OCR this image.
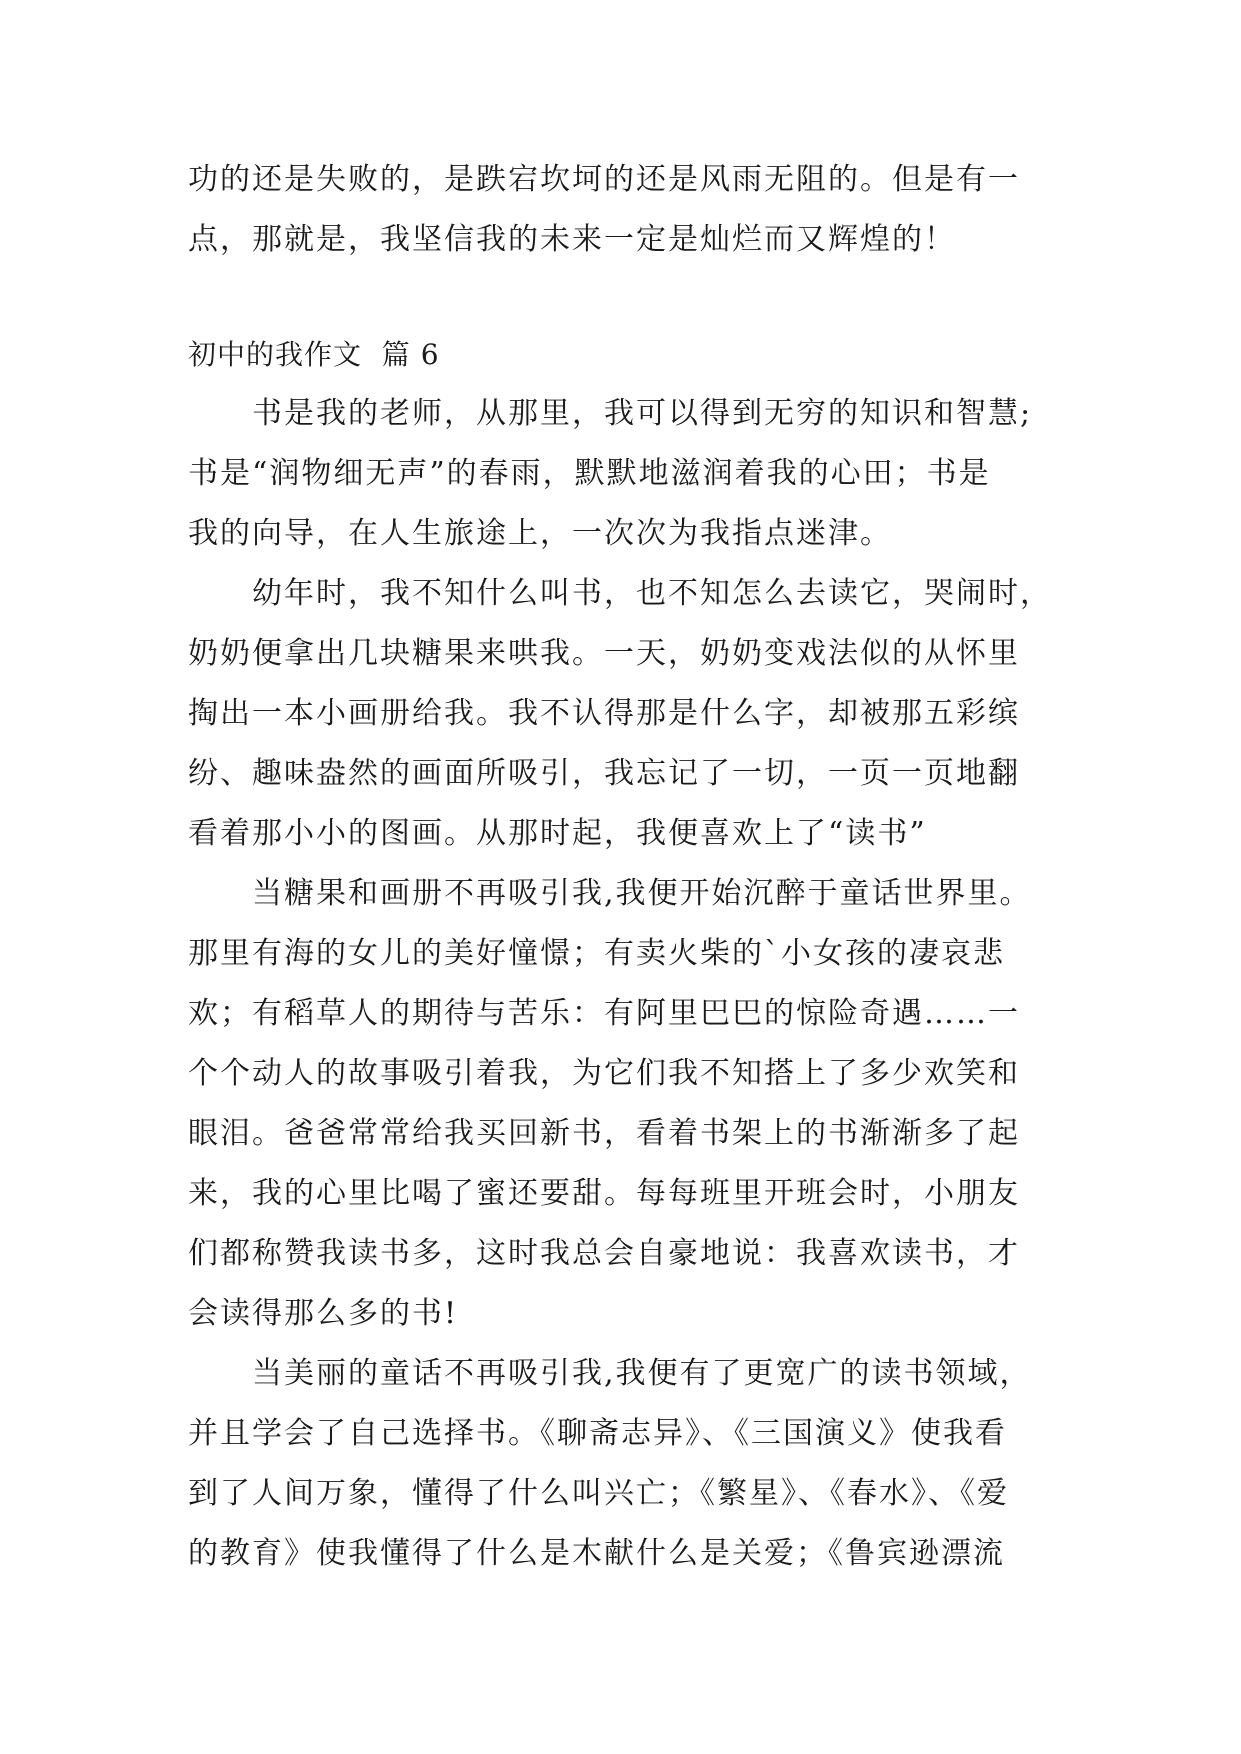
功的还是失败的，是跌宕坎坷的还是风雨无阻的。但是有一
点，那就是，我坚信我的未来一定是灿烂而又辉煌的！
初中的我作文  篇 6
书是我的老师，从那里，我可以得到无穷的知识和智慧;
书是“润物细无声”的春雨，默默地滋润着我的心田；书是
我的向导，在人生旅途上，一次次为我指点迷津。
幼年时，我不知什么叫书，也不知怎么去读它，哭闹时，
奶奶便拿出几块糖果来哄我。一天，奶奶变戏法似的从怀里
掏出一本小画册给我。我不认得那是什么字，却被那五彩缤
纷、趣味盎然的画面所吸引，我忘记了一切，一页一页地翻
看着那小小的图画。从那时起，我便喜欢上了“读书”
当糖果和画册不再吸引我,我便开始沉醉于童话世界里。
那里有海的女儿的美好憧憬；有卖火柴的`小女孩的凄哀悲
欢；有稻草人的期待与苦乐：有阿里巴巴的惊险奇遇……一
个个动人的故事吸引着我，为它们我不知搭上了多少欢笑和
眼泪。爸爸常常给我买回新书，看着书架上的书渐渐多了起
来，我的心里比喝了蜜还要甜。每每班里开班会时，小朋友
们都称赞我读书多，这时我总会自豪地说：我喜欢读书，才
会读得那么多的书!
当美丽的童话不再吸引我,我便有了更宽广的读书领域，
并且学会了自己选择书。《聊斋志异》、《三国演义》使我看
到了人间万象，懂得了什么叫兴亡；《繁星》、《春水》、《爱
的教育》使我懂得了什么是木献什么是关爱；《鲁宾逊漂流
